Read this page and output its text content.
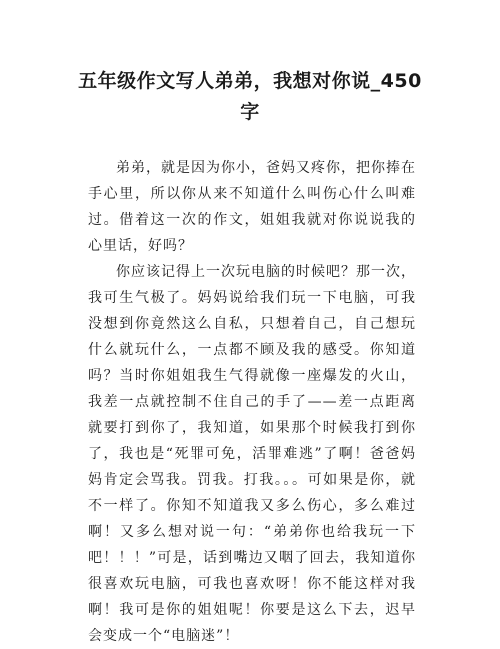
五年级作文写人弟弟，我想对你说_450字

弟弟，就是因为你小，爸妈又疼你，把你捧在手心里，所以你从来不知道什么叫伤心什么叫难过。借着这一次的作文，姐姐我就对你说说我的心里话，好吗？

你应该记得上一次玩电脑的时候吧？那一次，我可生气极了。妈妈说给我们玩一下电脑，可我没想到你竟然这么自私，只想着自己，自己想玩什么就玩什么，一点都不顾及我的感受。你知道吗？当时你姐姐我生气得就像一座爆发的火山，我差一点就控制不住自己的手了——差一点距离就要打到你了，我知道，如果那个时候我打到你了，我也是“死罪可免，活罪难逃”了啊！爸爸妈妈肯定会骂我。罚我。打我。。。可如果是你，就不一样了。你知不知道我又多么伤心，多么难过啊！又多么想对说一句：“弟弟你也给我玩一下吧！！！”可是，话到嘴边又咽了回去，我知道你很喜欢玩电脑，可我也喜欢呀！你不能这样对我啊！我可是你的姐姐呢！你要是这么下去，迟早会变成一个“电脑迷”！
